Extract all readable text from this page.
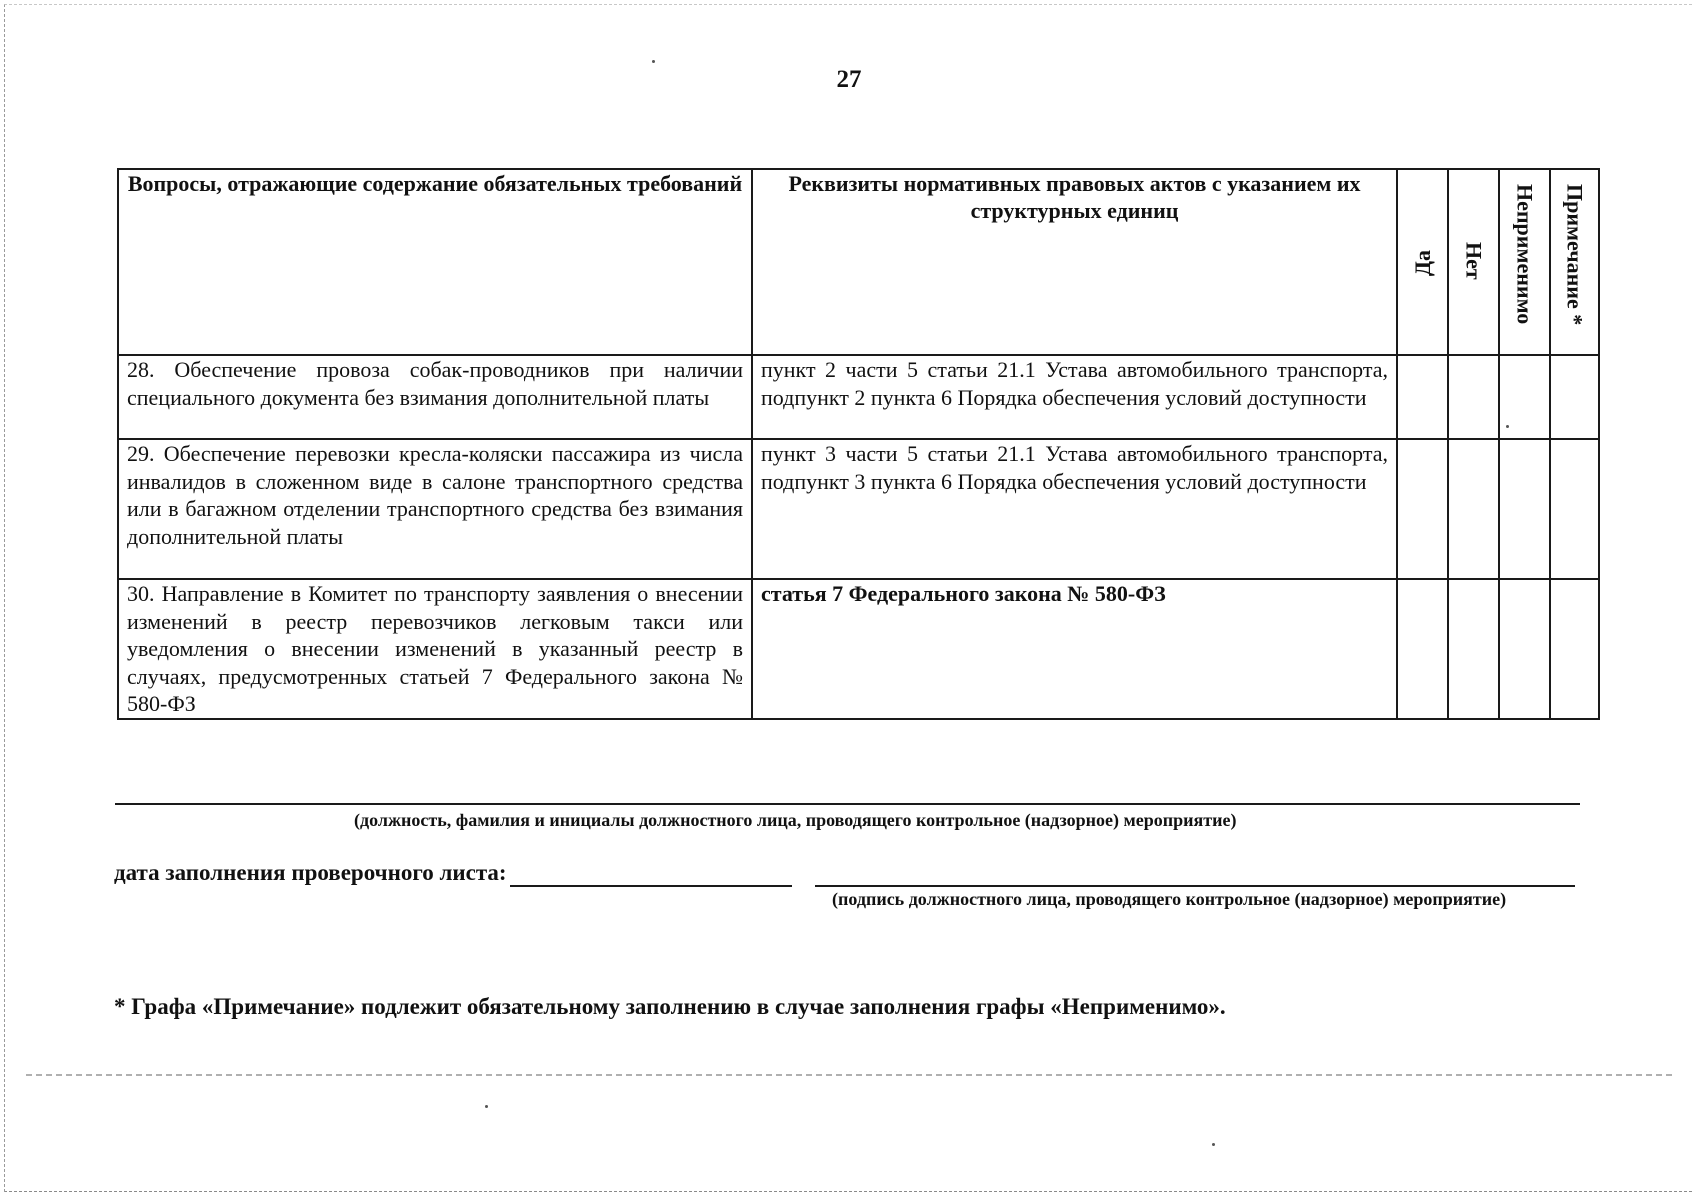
27
Вопросы, отражающие содержание обязательных требований	Реквизиты нормативных правовых актов с указанием их структурных единиц	Да	Нет	Неприменимо	Примечание *

28. Обеспечение провоза собак-проводников при наличии специального документа без взимания дополнительной платы	пункт 2 части 5 статьи 21.1 Устава автомобильного транспорта, подпункт 2 пункта 6 Порядка обеспечения условий доступности				
29. Обеспечение перевозки кресла-коляски пассажира из числа инвалидов в сложенном виде в салоне транспортного средства или в багажном отделении транспортного средства без взимания дополнительной платы	пункт 3 части 5 статьи 21.1 Устава автомобильного транспорта, подпункт 3 пункта 6 Порядка обеспечения условий доступности				
30. Направление в Комитет по транспорту заявления о внесении изменений в реестр перевозчиков легковым такси или уведомления о внесении изменений в указанный реестр в случаях, предусмотренных статьей 7 Федерального закона № 580-ФЗ	статья 7 Федерального закона № 580-ФЗ				
(должность, фамилия и инициалы должностного лица, проводящего контрольное (надзорное) мероприятие)
дата заполнения проверочного листа:
(подпись должностного лица, проводящего контрольное (надзорное) мероприятие)
* Графа «Примечание» подлежит обязательному заполнению в случае заполнения графы «Неприменимо».
